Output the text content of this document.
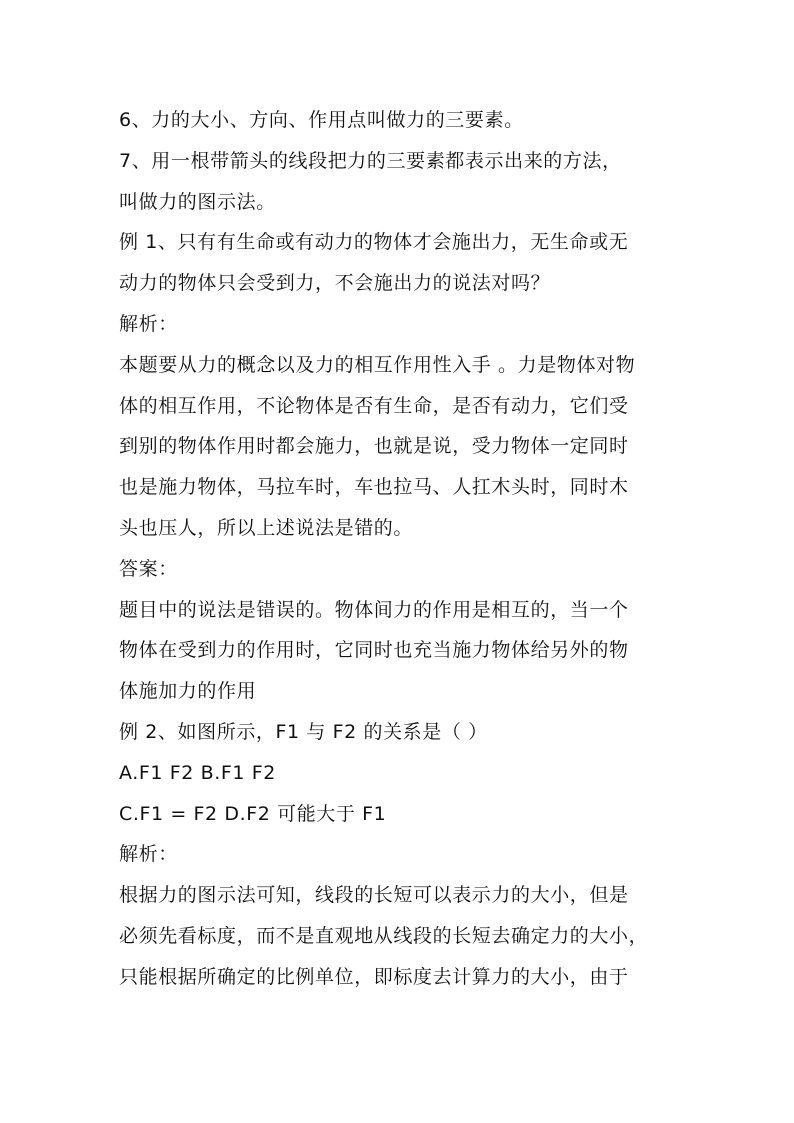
6、力的大小、方向、作用点叫做力的三要素。
7、用一根带箭头的线段把力的三要素都表示出来的方法，
叫做力的图示法。
例 1、只有有生命或有动力的物体才会施出力，无生命或无
动力的物体只会受到力，不会施出力的说法对吗？
解析：
本题要从力的概念以及力的相互作用性入手 。力是物体对物
体的相互作用，不论物体是否有生命，是否有动力，它们受
到别的物体作用时都会施力，也就是说，受力物体一定同时
也是施力物体，马拉车时，车也拉马、人扛木头时，同时木
头也压人，所以上述说法是错的。
答案：
题目中的说法是错误的。物体间力的作用是相互的，当一个
物体在受到力的作用时，它同时也充当施力物体给另外的物
体施加力的作用
例 2、如图所示，F1 与 F2 的关系是（ ）
A.F1 F2 B.F1 F2
C.F1 = F2 D.F2 可能大于 F1
解析：
根据力的图示法可知，线段的长短可以表示力的大小，但是
必须先看标度，而不是直观地从线段的长短去确定力的大小，
只能根据所确定的比例单位，即标度去计算力的大小，由于
